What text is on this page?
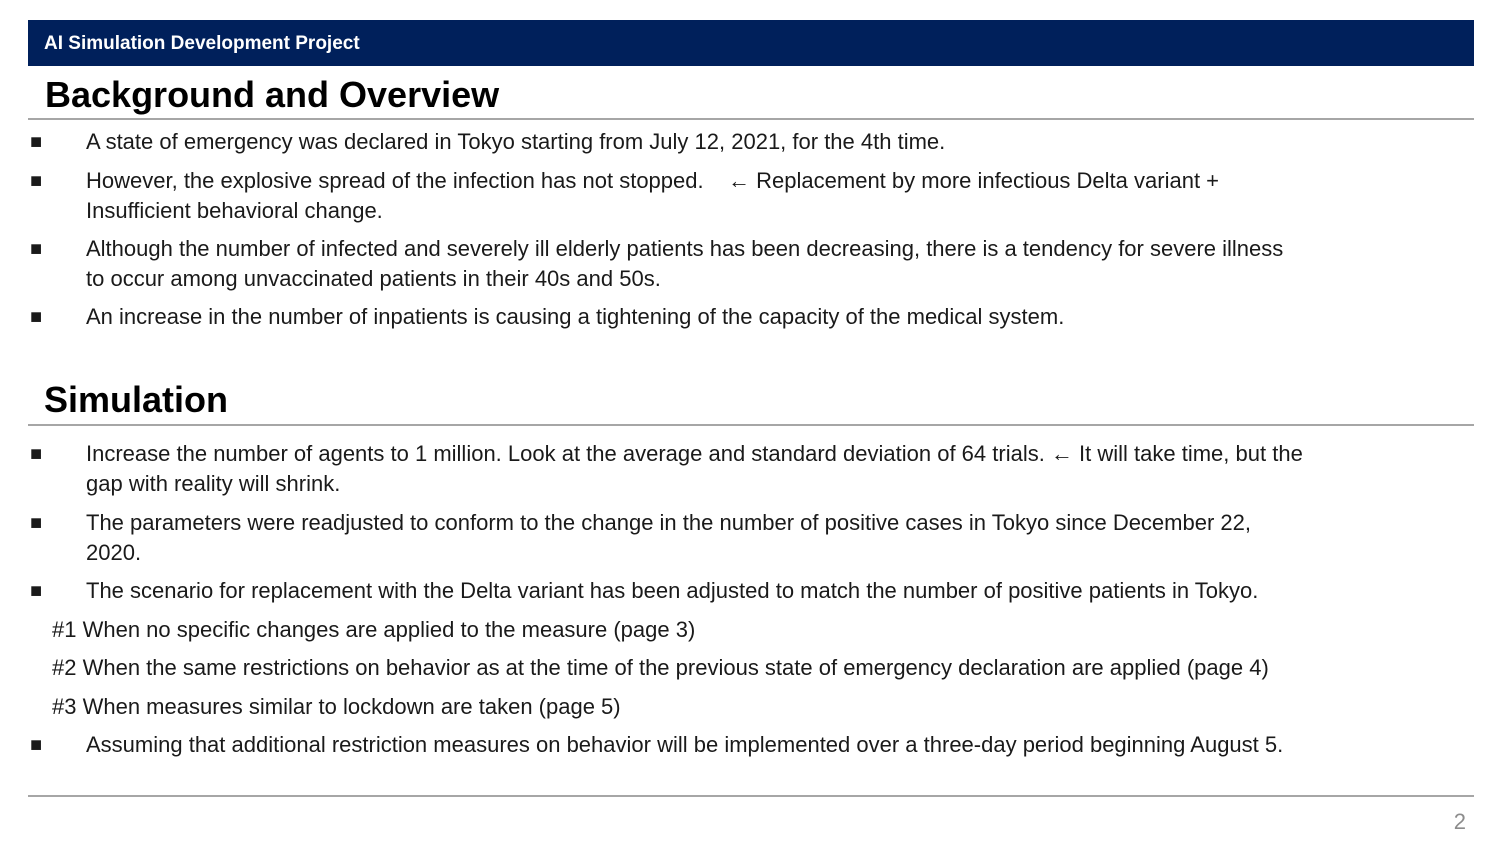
AI Simulation Development Project
Background and Overview
■ A state of emergency was declared in Tokyo starting from July 12, 2021, for the 4th time.
■ However, the explosive spread of the infection has not stopped.    ← Replacement by more infectious Delta variant +
Insufficient behavioral change.
■ Although the number of infected and severely ill elderly patients has been decreasing, there is a tendency for severe illness
to occur among unvaccinated patients in their 40s and 50s.
■ An increase in the number of inpatients is causing a tightening of the capacity of the medical system.
Simulation
■ Increase the number of agents to 1 million. Look at the average and standard deviation of 64 trials. ← It will take time, but the
gap with reality will shrink.
■ The parameters were readjusted to conform to the change in the number of positive cases in Tokyo since December 22,
2020.
■ The scenario for replacement with the Delta variant has been adjusted to match the number of positive patients in Tokyo.
#1 When no specific changes are applied to the measure (page 3)
#2 When the same restrictions on behavior as at the time of the previous state of emergency declaration are applied (page 4)
#3 When measures similar to lockdown are taken (page 5)
■ Assuming that additional restriction measures on behavior will be implemented over a three-day period beginning August 5.
2
